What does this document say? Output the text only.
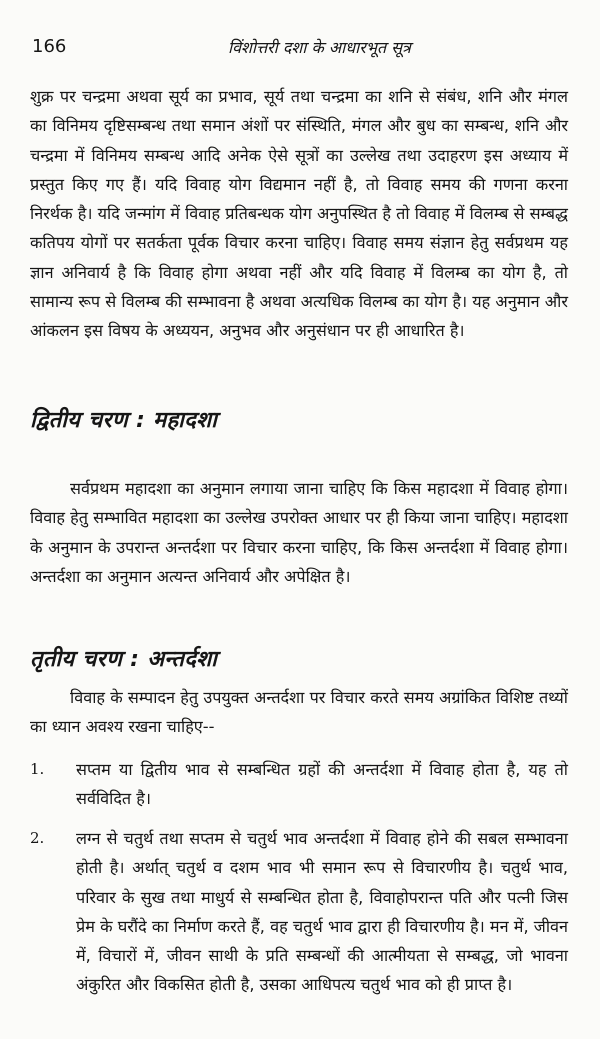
166	विंशोत्तरी दशा के आधारभूत सूत्र

शुक्र पर चन्द्रमा अथवा सूर्य का प्रभाव, सूर्य तथा चन्द्रमा का शनि से संबंध, शनि और मंगल का विनिमय दृष्टिसम्बन्ध तथा समान अंशों पर संस्थिति, मंगल और बुध का सम्बन्ध, शनि और चन्द्रमा में विनिमय सम्बन्ध आदि अनेक ऐसे सूत्रों का उल्लेख तथा उदाहरण इस अध्याय में प्रस्तुत किए गए हैं। यदि विवाह योग विद्यमान नहीं है, तो विवाह समय की गणना करना निरर्थक है। यदि जन्मांग में विवाह प्रतिबन्धक योग अनुपस्थित है तो विवाह में विलम्ब से सम्बद्ध कतिपय योगों पर सतर्कता पूर्वक विचार करना चाहिए। विवाह समय संज्ञान हेतु सर्वप्रथम यह ज्ञान अनिवार्य है कि विवाह होगा अथवा नहीं और यदि विवाह में विलम्ब का योग है, तो सामान्य रूप से विलम्ब की सम्भावना है अथवा अत्यधिक विलम्ब का योग है। यह अनुमान और आंकलन इस विषय के अध्ययन, अनुभव और अनुसंधान पर ही आधारित है।

द्वितीय चरण : महादशा

सर्वप्रथम महादशा का अनुमान लगाया जाना चाहिए कि किस महादशा में विवाह होगा। विवाह हेतु सम्भावित महादशा का उल्लेख उपरोक्त आधार पर ही किया जाना चाहिए। महादशा के अनुमान के उपरान्त अन्तर्दशा पर विचार करना चाहिए, कि किस अन्तर्दशा में विवाह होगा। अन्तर्दशा का अनुमान अत्यन्त अनिवार्य और अपेक्षित है।

तृतीय चरण : अन्तर्दशा

विवाह के सम्पादन हेतु उपयुक्त अन्तर्दशा पर विचार करते समय अग्रांकित विशिष्ट तथ्यों का ध्यान अवश्य रखना चाहिए--

1. सप्तम या द्वितीय भाव से सम्बन्धित ग्रहों की अन्तर्दशा में विवाह होता है, यह तो सर्वविदित है।
2. लग्न से चतुर्थ तथा सप्तम से चतुर्थ भाव अन्तर्दशा में विवाह होने की सबल सम्भावना होती है। अर्थात् चतुर्थ व दशम भाव भी समान रूप से विचारणीय है। चतुर्थ भाव, परिवार के सुख तथा माधुर्य से सम्बन्धित होता है, विवाहोपरान्त पति और पत्नी जिस प्रेम के घरौंदे का निर्माण करते हैं, वह चतुर्थ भाव द्वारा ही विचारणीय है। मन में, जीवन में, विचारों में, जीवन साथी के प्रति सम्बन्धों की आत्मीयता से सम्बद्ध, जो भावना अंकुरित और विकसित होती है, उसका आधिपत्य चतुर्थ भाव को ही प्राप्त है।
